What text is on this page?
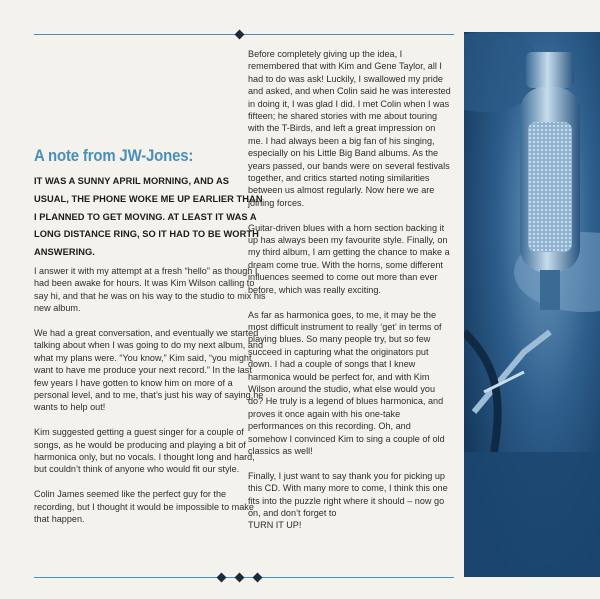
A note from JW-Jones:
IT WAS A SUNNY APRIL MORNING, AND AS USUAL, THE PHONE WOKE ME UP EARLIER THAN I PLANNED TO GET MOVING. AT LEAST IT WAS A LONG DISTANCE RING, SO IT HAD TO BE WORTH ANSWERING.

I answer it with my attempt at a fresh “hello” as though I had been awake for hours. It was Kim Wilson calling to say hi, and that he was on his way to the studio to mix his new album.

We had a great conversation, and eventually we started talking about when I was going to do my next album, and what my plans were. “You know,” Kim said, “you might want to have me produce your next record.” In the last few years I have gotten to know him on more of a personal level, and to me, that’s just his way of saying he wants to help out!

Kim suggested getting a guest singer for a couple of songs, as he would be producing and playing a bit of harmonica only, but no vocals. I thought long and hard, but couldn’t think of anyone who would fit our style.

Colin James seemed like the perfect guy for the recording, but I thought it would be impossible to make that happen.

Before completely giving up the idea, I remembered that with Kim and Gene Taylor, all I had to do was ask! Luckily, I swallowed my pride and asked, and when Colin said he was interested in doing it, I was glad I did. I met Colin when I was fifteen; he shared stories with me about touring with the T-Birds, and left a great impression on me. I had always been a big fan of his singing, especially on his Little Big Band albums. As the years passed, our bands were on several festivals together, and critics started noting similarities between us almost regularly. Now here we are joining forces.

Guitar-driven blues with a horn section backing it up has always been my favourite style. Finally, on my third album, I am getting the chance to make a dream come true. With the horns, some different influences seemed to come out more than ever before, which was really exciting.

As far as harmonica goes, to me, it may be the most difficult instrument to really ‘get’ in terms of playing blues. So many people try, but so few succeed in capturing what the originators put down. I had a couple of songs that I knew harmonica would be perfect for, and with Kim Wilson around the studio, what else would you do? He truly is a legend of blues harmonica, and proves it once again with his one-take performances on this recording. Oh, and somehow I convinced Kim to sing a couple of old classics as well!

Finally, I just want to say thank you for picking up this CD. With many more to come, I think this one fits into the puzzle right where it should – now go on, and don’t forget to

TURN IT UP!
